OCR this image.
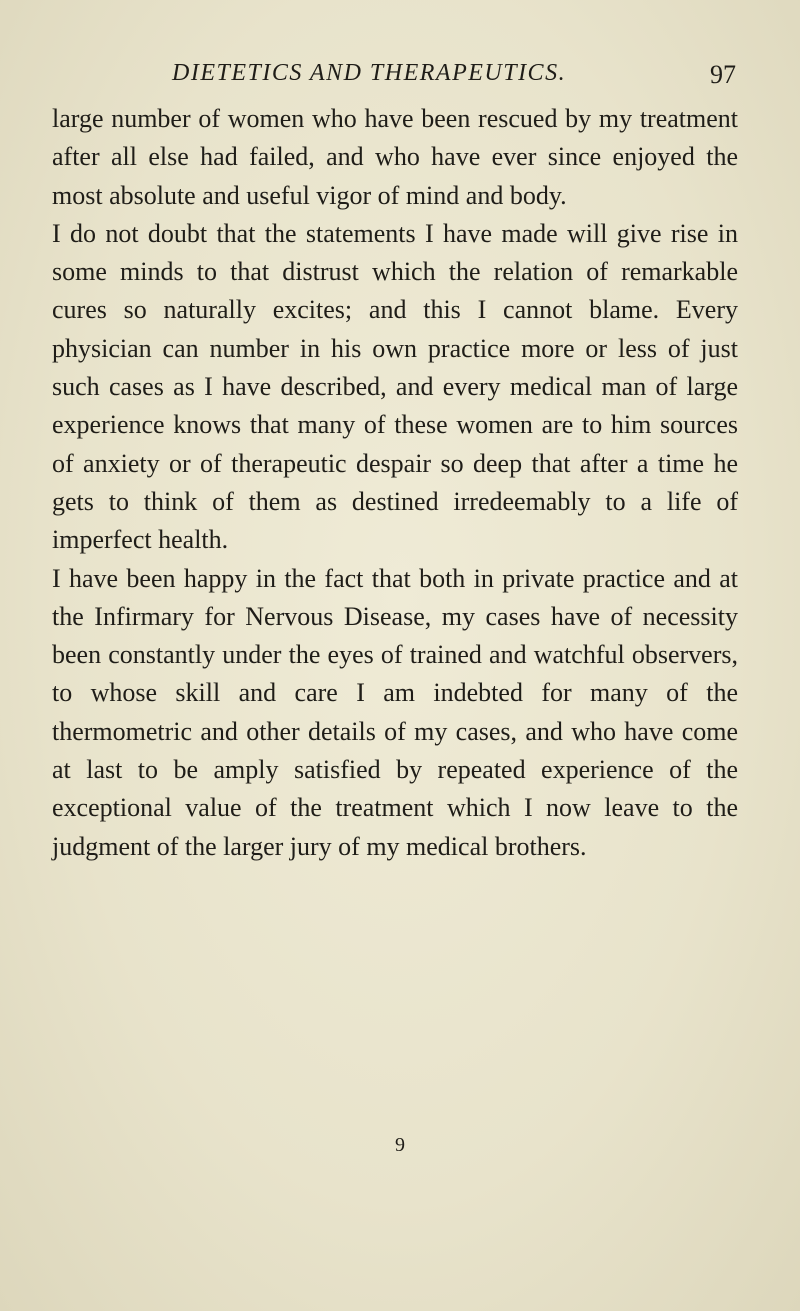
DIETETICS AND THERAPEUTICS.	97

large number of women who have been rescued by my treatment after all else had failed, and who have ever since enjoyed the most absolute and useful vigor of mind and body.

I do not doubt that the statements I have made will give rise in some minds to that distrust which the relation of remarkable cures so naturally excites; and this I cannot blame. Every physician can number in his own practice more or less of just such cases as I have described, and every medical man of large experience knows that many of these women are to him sources of anxiety or of therapeutic despair so deep that after a time he gets to think of them as destined irredeemably to a life of imperfect health.

I have been happy in the fact that both in private practice and at the Infirmary for Nervous Disease, my cases have of necessity been constantly under the eyes of trained and watchful observers, to whose skill and care I am indebted for many of the thermometric and other details of my cases, and who have come at last to be amply satisfied by repeated experience of the exceptional value of the treatment which I now leave to the judgment of the larger jury of my medical brothers.

9
